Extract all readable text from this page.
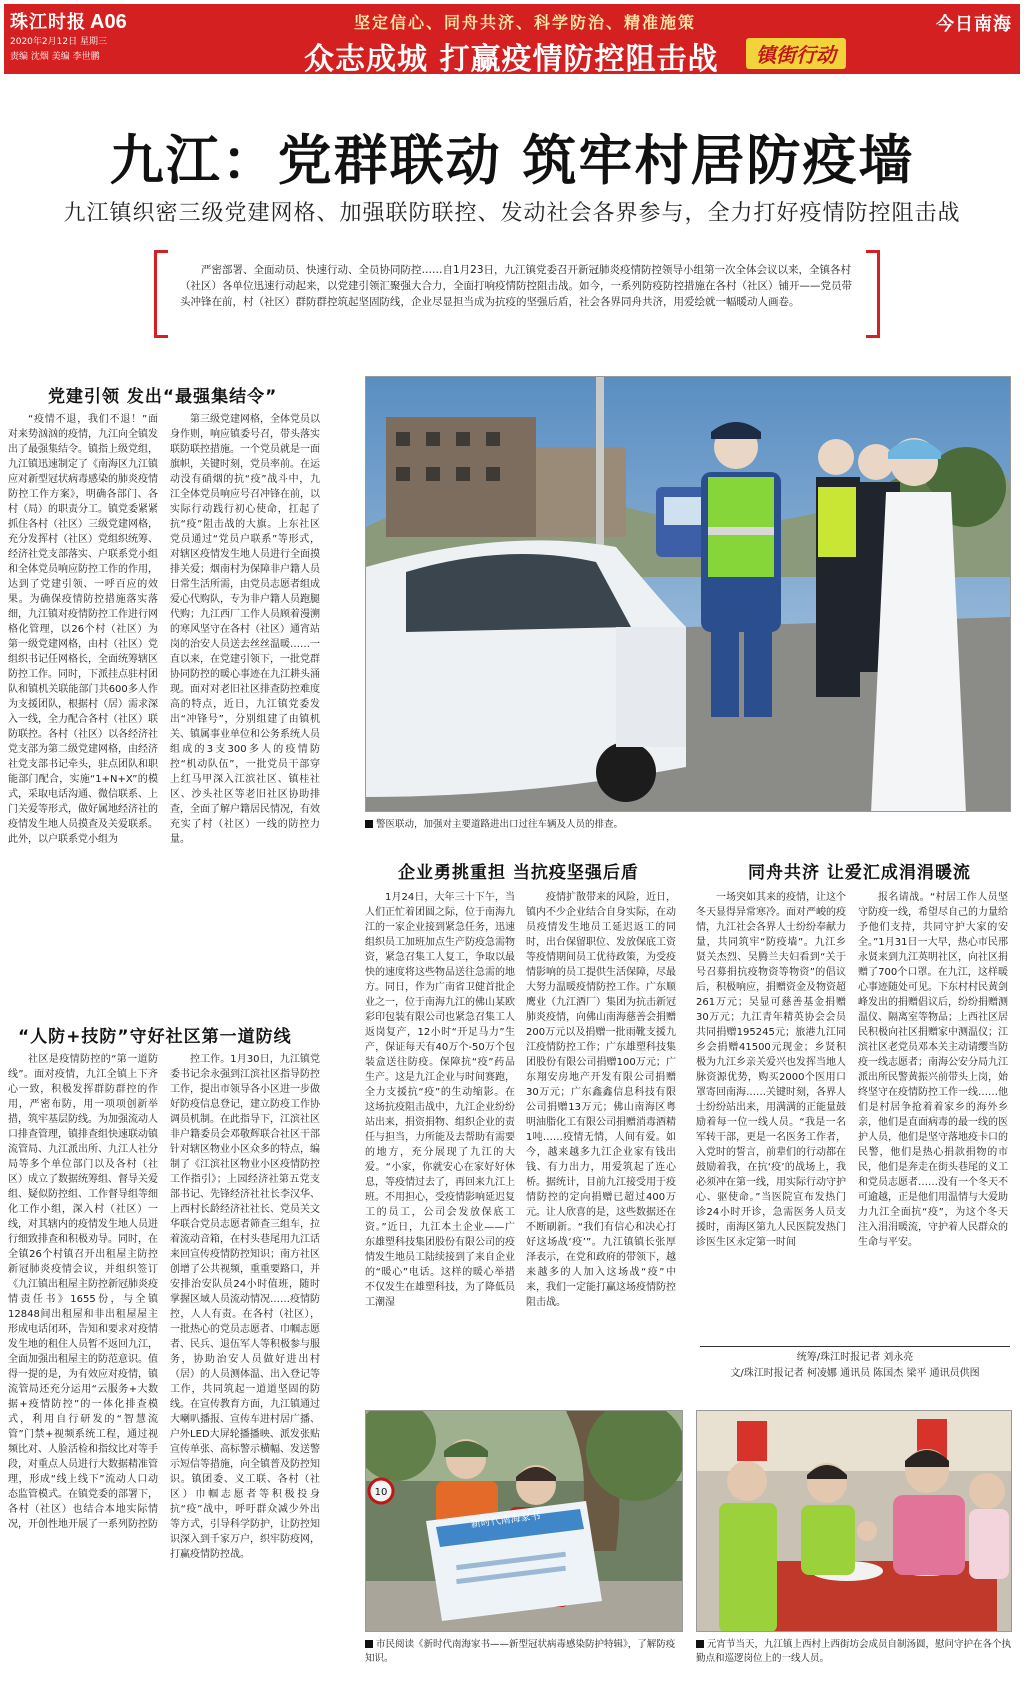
珠江时报 A06
2020年2月12日 星期三
责编 沈烟 美编 李世鹏
坚定信心、同舟共济、科学防治、精准施策
众志成城 打赢疫情防控阻击战	镇街行动
今日南海
九江：党群联动 筑牢村居防疫墙
九江镇织密三级党建网格、加强联防联控、发动社会各界参与，全力打好疫情防控阻击战

严密部署、全面动员、快速行动、全员协同防控……自1月23日，九江镇党委召开新冠肺炎疫情防控领导小组第一次全体会议以来，全镇各村（社区）各单位迅速行动起来，以党建引领汇聚强大合力，全面打响疫情防控阻击战。如今，一系列防疫防控措施在各村（社区）铺开——党员带头冲锋在前，村（社区）群防群控筑起坚固防线，企业尽显担当成为抗疫的坚强后盾，社会各界同舟共济，用爱绘就一幅暖动人画卷。

党建引领 发出“最强集结令”

“疫情不退，我们不退！”面对来势汹汹的疫情，九江向全镇发出了最强集结令。镇指上级党组，九江镇迅速制定了《南海区九江镇应对新型冠状病毒感染的肺炎疫情防控工作方案》，明确各部门、各村（局）的职责分工。镇党委紧紧抓住各村（社区）三级党建网格，充分发挥村（社区）党组织统筹、经济社党支部落实、户联系党小组和全体党员响应防控工作的作用，达到了党建引领、一呼百应的效果。为确保疫情防控措施落实落细，九江镇对疫情防控工作进行网格化管理，以26个村（社区）为第一级党建网格，由村（社区）党组织书记任网格长，全面统筹辖区防控工作。同时，下派挂点驻村团队和镇机关联能部门共600多人作为支援团队，根据村（居）需求深入一线，全力配合各村（社区）联防联控。各村（社区）以各经济社党支部为第二级党建网格，由经济社党支部书记牵头，驻点团队和职能部门配合，实施“1+N+X”的模式，采取电话沟通、微信联系、上门关爱等形式，做好属地经济社的疫情发生地人员摸查及关爱联系。此外，以户联系党小组为

第三级党建网格，全体党员以身作则，响应镇委号召，带头落实联防联控措施。一个党员就是一面旗帜，关键时刻，党员率前。在运动没有硝烟的抗“疫”战斗中，九江全体党员响应号召冲锋在前，以实际行动践行初心使命，扛起了抗“疫”阻击战的大旗。上东社区党员通过“党员户联系”等形式，对辖区疫情发生地人员进行全面摸排关爱；烟南村为保障非户籍人员日常生活所需，由党员志愿者组成爱心代购队，专为非户籍人员跑腿代购；九江西厂工作人员顾着漫溯的寒风坚守在各村（社区）通宵站岗的治安人员送去丝丝温暖……一直以来，在党建引领下，一批党群协同防控的暖心事迹在九江耕头涌现。面对对老旧社区排查防控难度高的特点，近日，九江镇党委发出“冲锋号”，分别组建了由镇机关、镇属事业单位和公务系统人员组成的3支300多人的疫情防控“机动队伍”，一批党员干部穿上红马甲深入江滨社区、镇桂社区、沙头社区等老旧社区协助排查，全面了解户籍居民情况，有效充实了村（社区）一线的防控力量。

“人防+技防”守好社区第一道防线

社区是疫情防控的“第一道防线”。面对疫情，九江全镇上下齐心一致，积极发挥群防群控的作用，严密布防，用一项项创新举措，筑牢基层防线。为加强流动人口排查管理，镇排查组快速联动镇流管局、九江派出所、九江人社分局等多个单位部门以及各村（社区）成立了数据统筹组、督导关爱组、疑似防控组、工作督导组等细化工作小组，深入村（社区）一线，对其辖内的疫情发生地人员进行细致排查和积极劝导。同时，在全镇26个村镇召开出租屋主防控新冠肺炎疫情会议，并组织签订《九江镇出租屋主防控新冠肺炎疫情责任书》1655份，与全镇12848间出租屋和非出租屋屋主形成电话闭环，告知和要求对疫情发生地的租住人员暂不返回九江，全面加强出租屋主的防范意识。值得一提的是，为有效应对疫情，镇流管局还充分运用“云服务+大数据+疫情防控”的一体化排查模式，利用自行研发的“智慧流管”门禁+视频系统工程，通过视频比对、人脸活检和指纹比对等手段，对重点人员进行大数据精准管理，形成“线上线下”流动人口动态监管模式。在镇党委的部署下，各村（社区）也结合本地实际情况，开创性地开展了一系列防控防

控工作。1月30日，九江镇党委书记余永强到江滨社区指导防控工作，提出市领导各小区进一步做好防疫信息登记，建立防疫工作协调员机制。在此指导下，江滨社区非户籍委员会邓敬辉联合社区干部针对辖区物业小区众多的特点，编制了《江滨社区物业小区疫情防控工作指引》；上园经济社第五党支部书记、先锋经济社社长李汉华、上西村长龄经济社社长、党员关文华联合党员志愿者筛查三组车，拉着流动音箱，在村头巷尾用九江话来回宣传疫情防控知识；南方社区创增了公共视频，重重要路口，并安排治安队员24小时值班，随时掌握区域人员流动情况……疫情防控，人人有责。在各村（社区），一批热心的党员志愿者、巾帼志愿者、民兵、退伍军人等积极参与服务，协助治安人员做好进出村（居）的人员测体温、出入登记等工作，共同筑起一道道坚固的防线。在宣传教育方面，九江镇通过大喇叭播报、宣传车进村居广播、户外LED大屏轮播播映、派发张贴宣传单张、高标警示横幅、发送警示短信等措施，向全镇普及防控知识。镇团委、义工联、各村（社区）巾帼志愿者等积极投身抗“疫”战中，呼吁群众减少外出等方式，引导科学防护，让防控知识深入到千家万户，织牢防疫网，打赢疫情防控战。

警医联动，加强对主要道路进出口过往车辆及人员的排查。
企业勇挑重担 当抗疫坚强后盾

1月24日，大年三十下午，当人们正忙着团圆之际，位于南海九江的一家企业接到紧急任务，迅速组织员工加班加点生产防疫急需物资，紧急召集工人复工，争取以最快的速度将这些物品送往急需的地方。同日，作为广南省卫健首批企业之一，位于南海九江的佛山某欧彩印包装有限公司也紧急召集工人返岗复产，12小时“开足马力”生产，保证每天有40万个-50万个包装盒送往防疫。保障抗“疫”药品生产。这是九江企业与时间赛跑，全力支援抗“疫”的生动缩影。在这场抗疫阻击战中，九江企业纷纷站出来，捐资捐物、组织企业的责任与担当，力所能及去帮助有需要的地方，充分展现了九江的大爱。“小家，你就安心在家好好休息，等疫情过去了，再回来九江上班。不用担心，受疫情影响延迟复工的员工，公司会发放保底工资。”近日，九江本土企业——广东雄塑科技集团股份有限公司的疫情发生地员工陆续接到了来自企业的“暖心”电话。这样的暖心举措不仅发生在雄塑科技，为了降低员工潮湿

疫情扩散带来的风险，近日，镇内不少企业结合自身实际，在动员疫情发生地员工延迟返工的同时，出台保留职位、发放保底工资等疫情期间员工优待政策，为受疫情影响的员工提供生活保障，尽最大努力温暖疫情防控工作。广东顺鹰业（九江酒厂）集团为抗击新冠肺炎疫情，向佛山南海慈善会捐赠200万元以及捐赠一批雨靴支援九江疫情防控工作；广东雄塑科技集团股份有限公司捐赠100万元；广东翔安房地产开发有限公司捐赠30万元；广东鑫鑫信息科技有限公司捐赠13万元；佛山南海区粤明油脂化工有限公司捐赠消毒酒精1吨……疫情无情，人间有爱。如今，越来越多九江企业家有钱出钱、有力出力，用爱筑起了连心桥。据统计，目前九江接受用于疫情防控的定向捐赠已超过400万元。让人欣喜的是，这些数据还在不断刷新。“我们有信心和决心打好这场战‘疫’”。九江镇镇长张厚泽表示，在党和政府的带领下，越来越多的人加入这场战“疫”中来，我们一定能打赢这场疫情防控阻击战。

同舟共济 让爱汇成涓涓暖流

一场突如其来的疫情，让这个冬天显得异常寒冷。面对严峻的疫情，九江社会各界人士纷纷奉献力量，共同筑牢“防疫墙”。九江乡贤关杰烈、吴腾兰夫妇看到“关于号召募捐抗疫物资等物资”的倡议后，积极响应，捐赠资金及物资超261万元；吴显可慈善基金捐赠30万元；九江青年精英协会会员共同捐赠195245元；旅港九江同乡会捐赠41500元现金；乡贤积极为九江乡亲关爱兴也发挥当地人脉资源优势，购买2000个医用口罩寄回南海……关键时刻，各界人士纷纷站出来，用满满的正能量鼓励着每一位一线人员。“我是一名军转干部，更是一名医务工作者，入党时的誓言，前辈们的行动都在鼓励着我，在抗‘疫’的战场上，我必须冲在第一线，用实际行动守护心、驱使命。”当医院宣布发热门诊24小时开诊，急需医务人员支援时，南海区第九人民医院发热门诊医生区永定第一时间

报名请战。“村居工作人员坚守防疫一线，希望尽自己的力量给予他们支持，共同守护大家的安全。”1月31日一大早，热心市民邢永贤来到九江英明社区，向社区捐赠了700个口罩。在九江，这样暖心事迹随处可见。下东村村民黄剑峰发出的捐赠倡议后，纷纷捐赠测温仪、隔离室等物品；上西社区居民积极向社区捐赠家中测温仪；江滨社区老党员邓本关主动请缨当防疫一线志愿者；南海公安分局九江派出所民警黄振兴前带头上岗，始终坚守在疫情防控工作一线……他们是村居争抢着着家乡的海外乡亲，他们是直面病毒的最一线的医护人员，他们是坚守落地疫卡口的民警，他们是热心捐款捐物的市民，他们是奔走在街头巷尾的义工和党员志愿者……没有一个冬天不可逾越，正是他们用温情与大爱助力九江全面抗“疫”，为这个冬天注入涓涓暖流，守护着人民群众的生命与平安。

统筹/珠江时报记者 刘永亮
文/珠江时报记者 柯凌娜 通讯员 陈国杰 梁平 通讯员供图
10
新时代南海家书
市民阅读《新时代南海家书——新型冠状病毒感染防护特辑》，了解防疫知识。
元宵节当天，九江镇上西村上西街坊会成员自制汤圆，慰问守护在各个执勤点和巡逻岗位上的一线人员。
